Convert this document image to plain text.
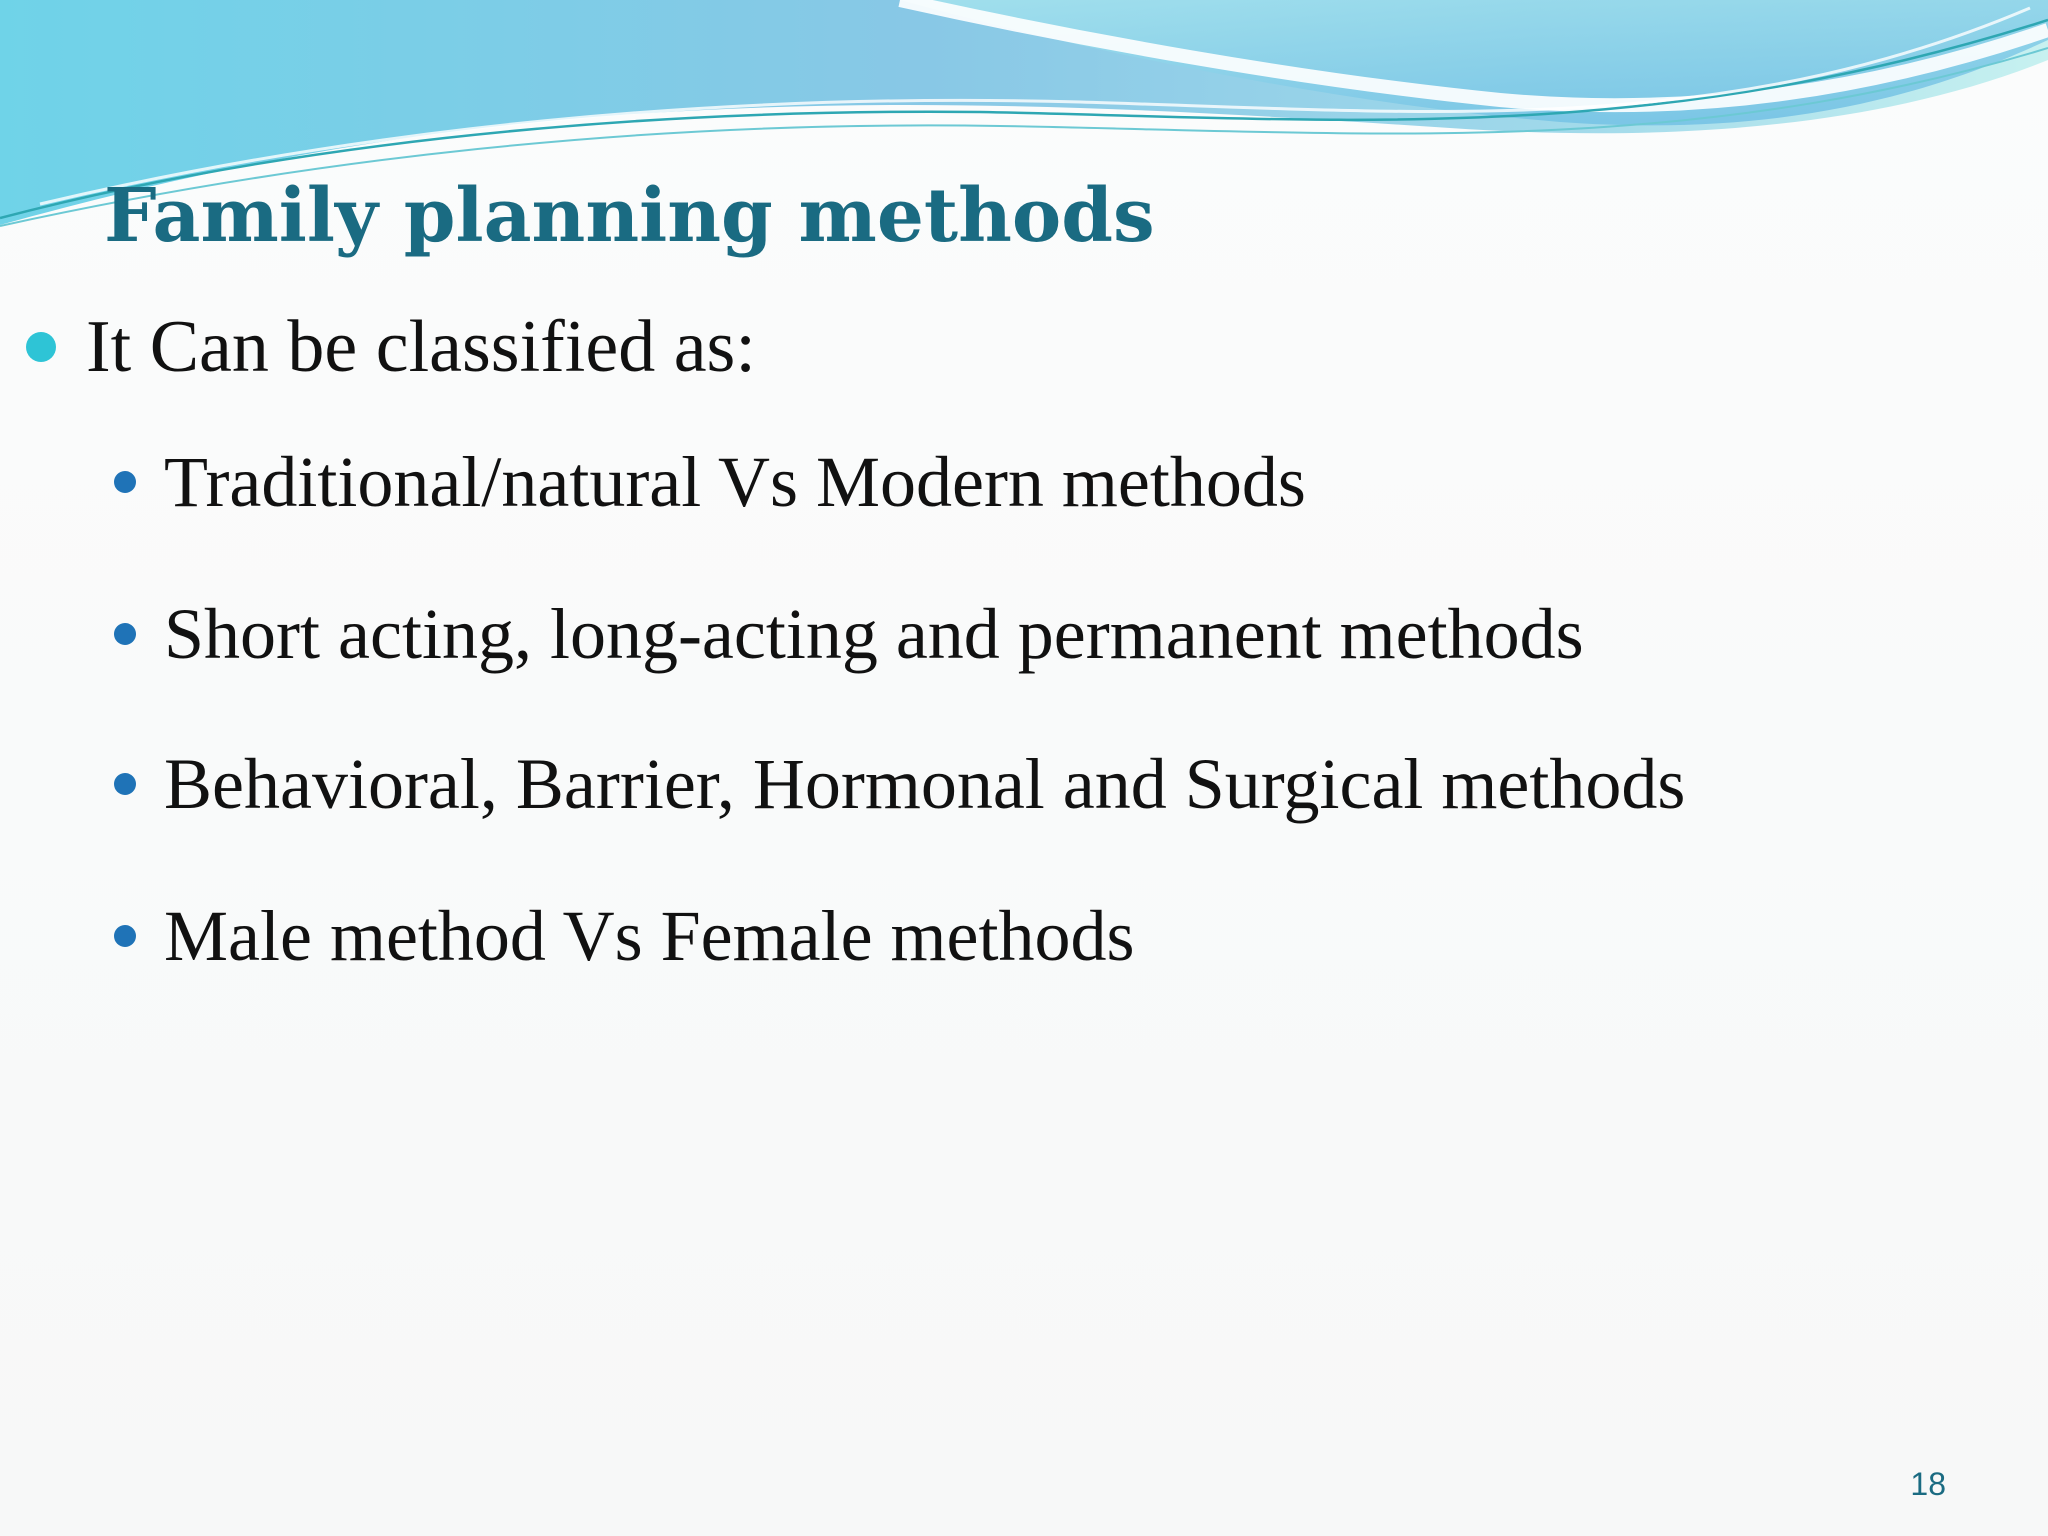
Family planning methods
It Can be classified as:
Traditional/natural Vs Modern methods
Short acting, long-acting and permanent methods
Behavioral, Barrier, Hormonal and Surgical methods
Male method Vs Female methods
18
